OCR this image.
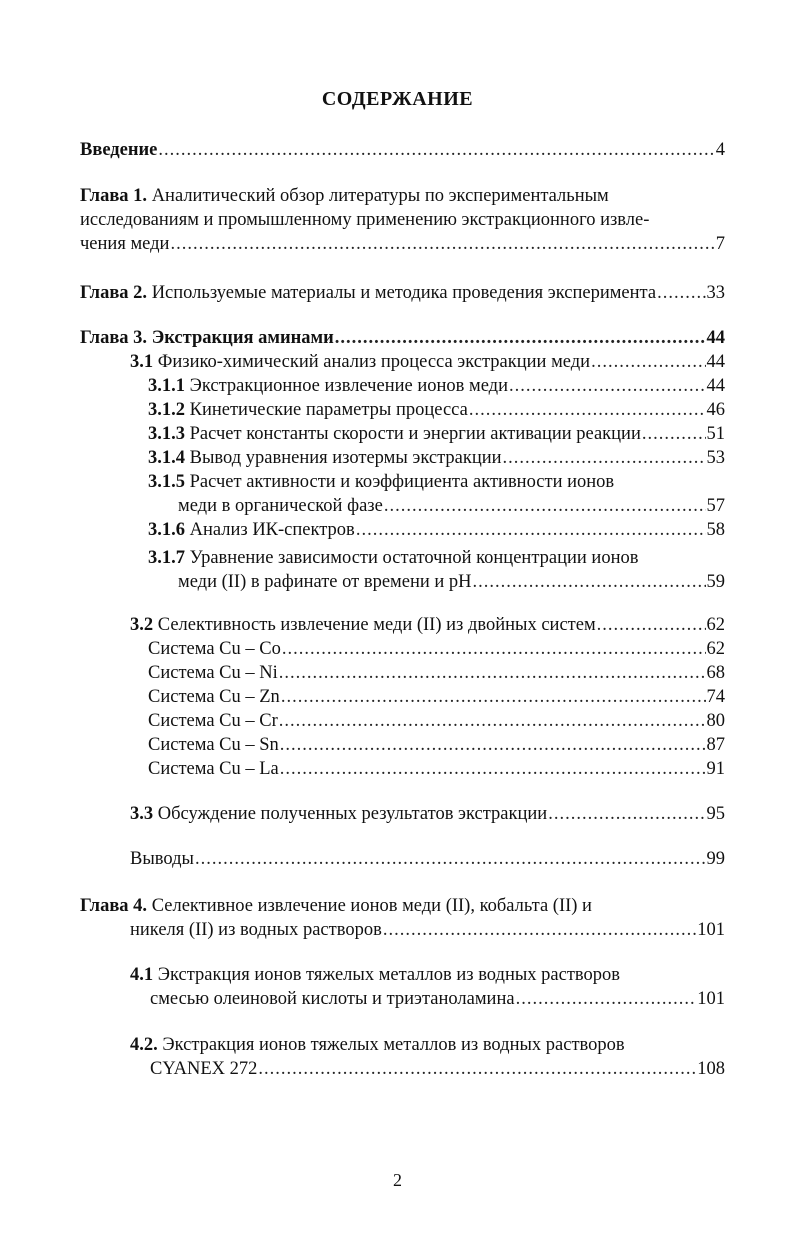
СОДЕРЖАНИЕ
Введение .....	4
Глава 1. Аналитический обзор литературы по экспериментальным
исследованиям и промышленному применению экстракционного извле-
чения меди .....	7
Глава 2. Используемые материалы и методика проведения эксперимента .....	33
Глава 3. Экстракция аминами .....	44
3.1 Физико-химический анализ процесса экстракции меди .....	44
3.1.1 Экстракционное извлечение ионов меди .....	44
3.1.2 Кинетические параметры процесса .....	46
3.1.3 Расчет константы скорости и энергии активации реакции .....	51
3.1.4 Вывод уравнения изотермы экстракции .....	53
3.1.5 Расчет активности и коэффициента активности ионов
меди в органической фазе .....	57
3.1.6 Анализ ИК-спектров .....	58
3.1.7 Уравнение зависимости остаточной концентрации ионов
меди (II) в рафинате от времени и pH .....	59
3.2 Селективность извлечение меди (II) из двойных систем .....	62
Система Cu – Co .....	62
Система Cu – Ni .....	68
Система Cu – Zn .....	74
Система Cu – Cr .....	80
Система Cu – Sn .....	87
Система Cu – La .....	91
3.3 Обсуждение полученных результатов экстракции .....	95
Выводы .....	99
Глава 4. Селективное извлечение ионов меди (II), кобальта (II) и
никеля (II) из водных растворов .....	101
4.1 Экстракция ионов тяжелых металлов из водных растворов
смесью олеиновой кислоты и триэтаноламина .....	101
4.2. Экстракция ионов тяжелых металлов из водных растворов
CYANEX 272 .....	108
2
